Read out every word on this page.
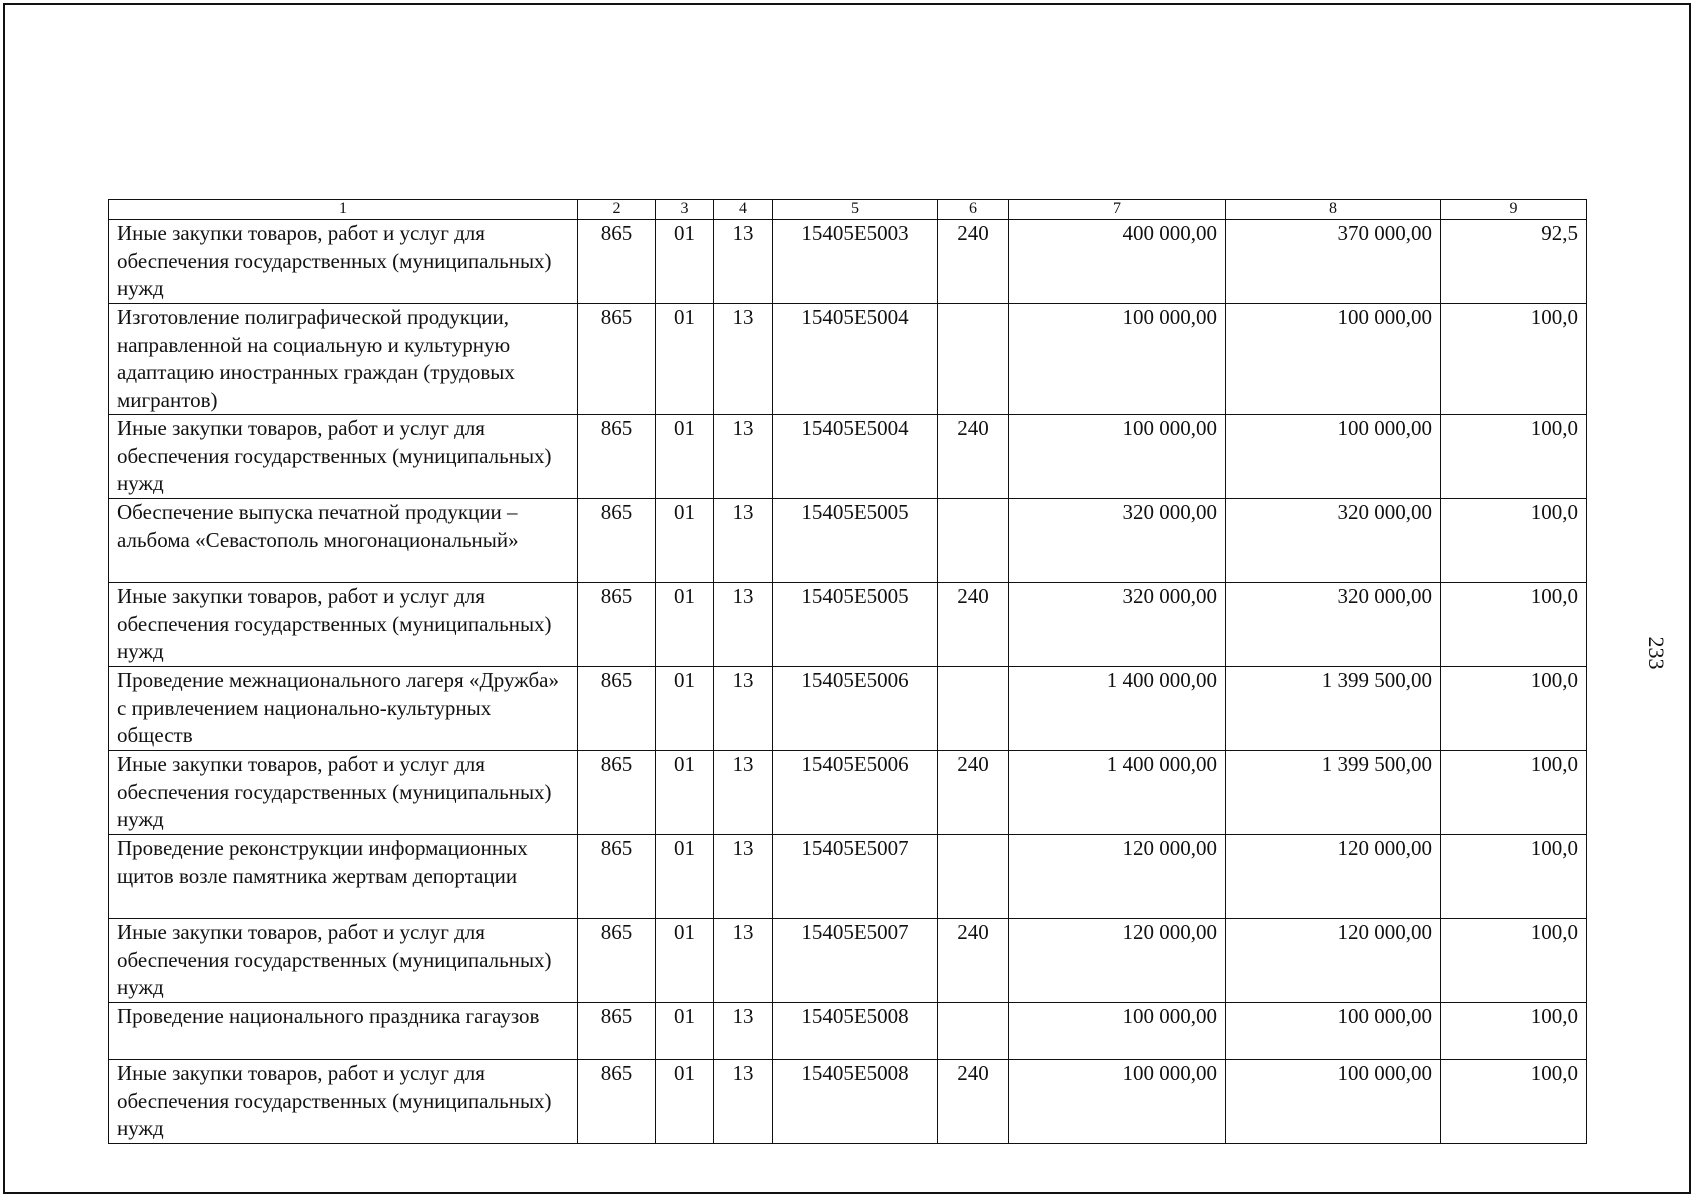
233
1	2	3	4	5	6	7	8	9
Иные закупки товаров, работ и услуг для обеспечения государственных (муниципальных) нужд	865	01	13	15405E5003	240	400 000,00	370 000,00	92,5
Изготовление полиграфической продукции, направленной на социальную и культурную адаптацию иностранных граждан (трудовых мигрантов)	865	01	13	15405E5004		100 000,00	100 000,00	100,0
Иные закупки товаров, работ и услуг для обеспечения государственных (муниципальных) нужд	865	01	13	15405E5004	240	100 000,00	100 000,00	100,0
Обеспечение выпуска печатной продукции – альбома «Севастополь многонациональный»	865	01	13	15405E5005		320 000,00	320 000,00	100,0
Иные закупки товаров, работ и услуг для обеспечения государственных (муниципальных) нужд	865	01	13	15405E5005	240	320 000,00	320 000,00	100,0
Проведение межнационального лагеря «Дружба» с привлечением национально-культурных обществ	865	01	13	15405E5006		1 400 000,00	1 399 500,00	100,0
Иные закупки товаров, работ и услуг для обеспечения государственных (муниципальных) нужд	865	01	13	15405E5006	240	1 400 000,00	1 399 500,00	100,0
Проведение реконструкции информационных щитов возле памятника жертвам депортации	865	01	13	15405E5007		120 000,00	120 000,00	100,0
Иные закупки товаров, работ и услуг для обеспечения государственных (муниципальных) нужд	865	01	13	15405E5007	240	120 000,00	120 000,00	100,0
Проведение национального праздника гагаузов	865	01	13	15405E5008		100 000,00	100 000,00	100,0
Иные закупки товаров, работ и услуг для обеспечения государственных (муниципальных) нужд	865	01	13	15405E5008	240	100 000,00	100 000,00	100,0
